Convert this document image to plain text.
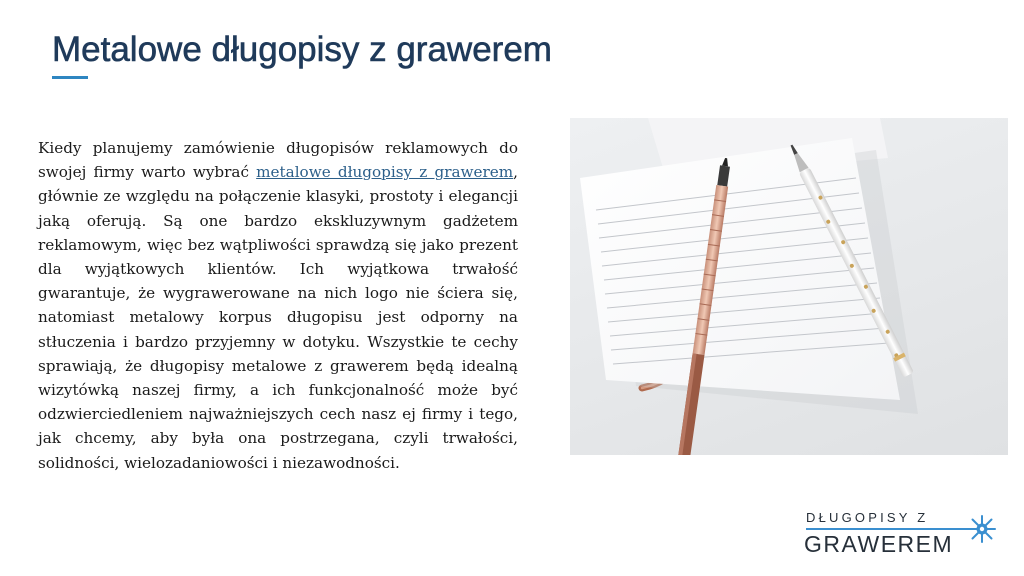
Metalowe długopisy z grawerem

Kiedy planujemy zamówienie długopisów reklamowych do swojej firmy warto wybrać metalowe długopisy z grawerem, głównie ze względu na połączenie klasyki, prostoty i elegancji jaką oferują. Są one bardzo ekskluzywnym gadżetem reklamowym, więc bez wątpliwości sprawdzą się jako prezent dla wyjątkowych klientów. Ich wyjątkowa trwałość gwarantuje, że wygrawerowane na nich logo nie ściera się, natomiast metalowy korpus długopisu jest odporny na stłuczenia i bardzo przyjemny w dotyku. Wszystkie te cechy sprawiają, że długopisy metalowe z grawerem będą idealną wizytówką naszej firmy, a ich funkcjonalność może być odzwierciedleniem najważniejszych cech nasz ej firmy i tego, jak chcemy, aby była ona postrzegana, czyli trwałości, solidności, wielozadaniowości i niezawodności.

DŁUGOPISY Z
GRAWEREM
